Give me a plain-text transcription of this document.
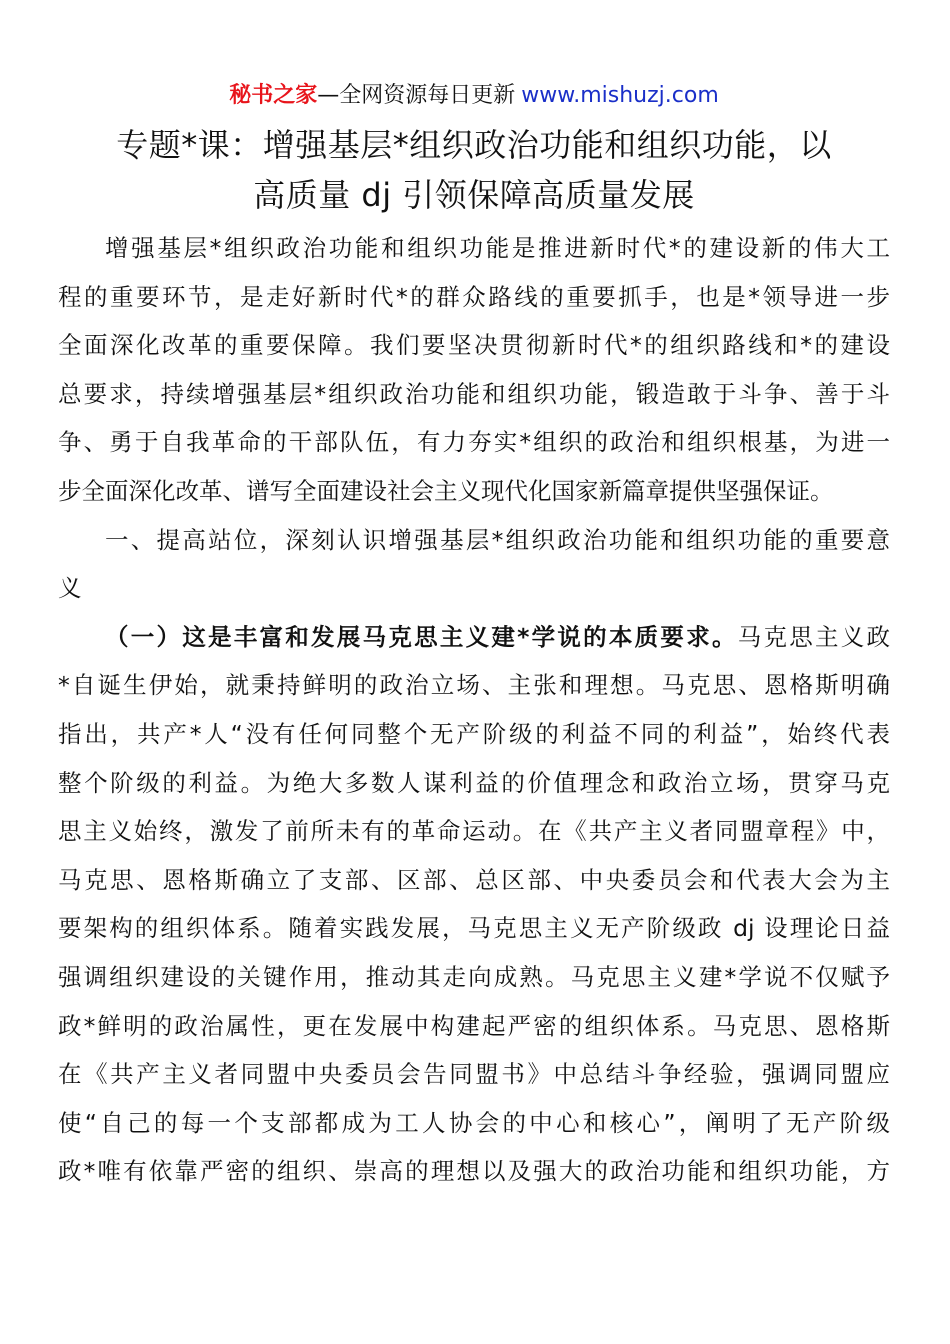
秘书之家—全网资源每日更新 www.mishuzj.com
专题*课：增强基层*组织政治功能和组织功能，以
高质量 dj 引领保障高质量发展
增强基层*组织政治功能和组织功能是推进新时代*的建设新的伟大工
程的重要环节，是走好新时代*的群众路线的重要抓手，也是*领导进一步
全面深化改革的重要保障。我们要坚决贯彻新时代*的组织路线和*的建设
总要求，持续增强基层*组织政治功能和组织功能，锻造敢于斗争、善于斗
争、勇于自我革命的干部队伍，有力夯实*组织的政治和组织根基，为进一
步全面深化改革、谱写全面建设社会主义现代化国家新篇章提供坚强保证。
一、提高站位，深刻认识增强基层*组织政治功能和组织功能的重要意
义
（一）这是丰富和发展马克思主义建*学说的本质要求。马克思主义政
*自诞生伊始，就秉持鲜明的政治立场、主张和理想。马克思、恩格斯明确
指出，共产*人“没有任何同整个无产阶级的利益不同的利益”，始终代表
整个阶级的利益。为绝大多数人谋利益的价值理念和政治立场，贯穿马克
思主义始终，激发了前所未有的革命运动。在《共产主义者同盟章程》中，
马克思、恩格斯确立了支部、区部、总区部、中央委员会和代表大会为主
要架构的组织体系。随着实践发展，马克思主义无产阶级政 dj 设理论日益
强调组织建设的关键作用，推动其走向成熟。马克思主义建*学说不仅赋予
政*鲜明的政治属性，更在发展中构建起严密的组织体系。马克思、恩格斯
在《共产主义者同盟中央委员会告同盟书》中总结斗争经验，强调同盟应
使“自己的每一个支部都成为工人协会的中心和核心”，阐明了无产阶级
政*唯有依靠严密的组织、崇高的理想以及强大的政治功能和组织功能，方
